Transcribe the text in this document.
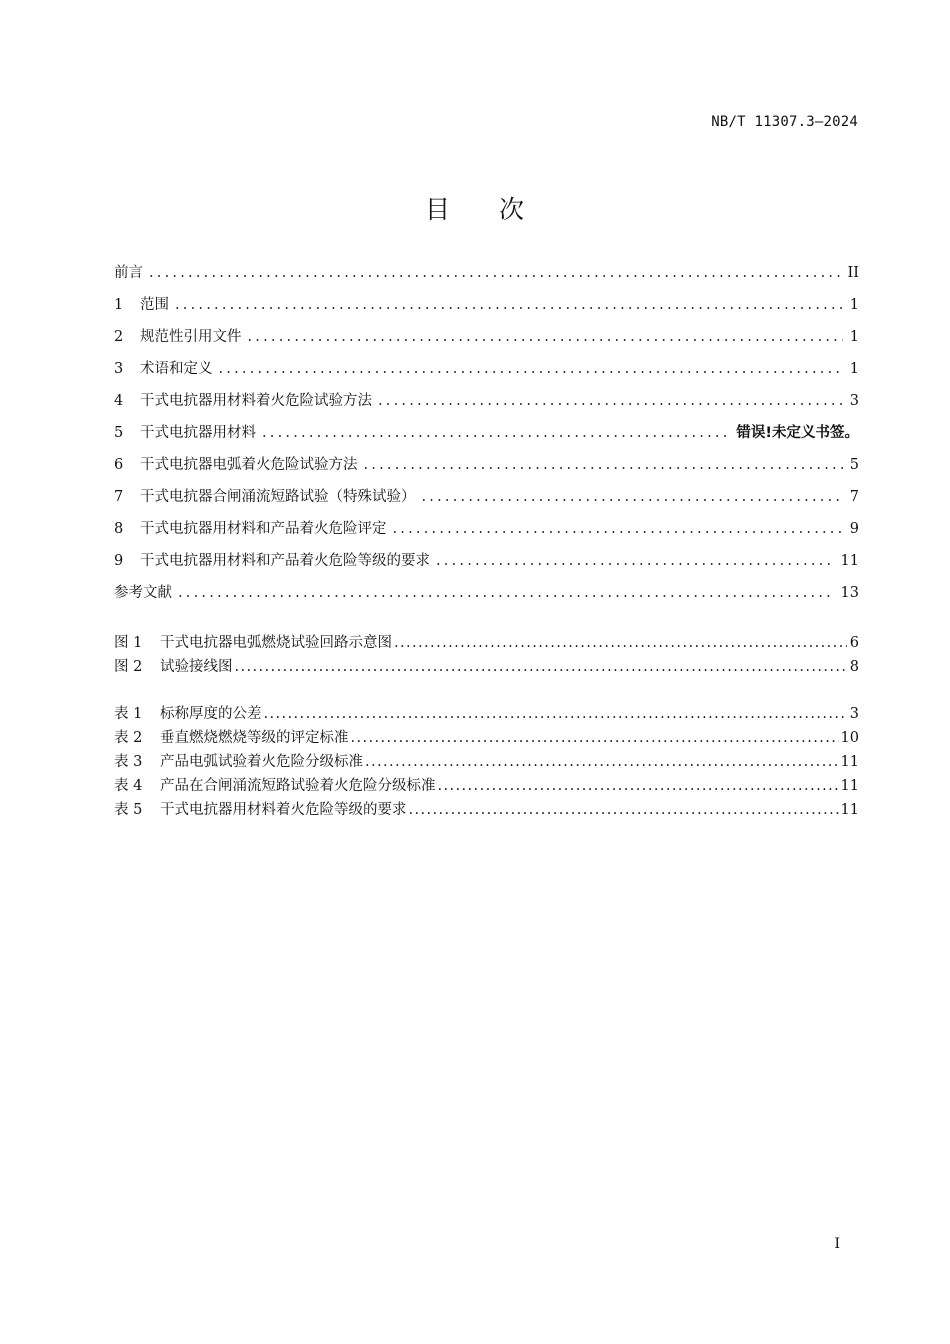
NB/T 11307.3—2024
目 次
前言 .....	II
1	范围 .....	1
2	规范性引用文件 .....	1
3	术语和定义 .....	1
4	干式电抗器用材料着火危险试验方法 .....	3
5	干式电抗器用材料 .....	错误!未定义书签。
6	干式电抗器电弧着火危险试验方法 .....	5
7	干式电抗器合闸涌流短路试验（特殊试验） .....	7
8	干式电抗器用材料和产品着火危险评定 .....	9
9	干式电抗器用材料和产品着火危险等级的要求 .....	11
参考文献 .....	13
图 1	干式电抗器电弧燃烧试验回路示意图 .....	6
图 2	试验接线图 .....	8
表 1	标称厚度的公差 .....	3
表 2	垂直燃烧燃烧等级的评定标准 .....	10
表 3	产品电弧试验着火危险分级标准 .....	11
表 4	产品在合闸涌流短路试验着火危险分级标准 .....	11
表 5	干式电抗器用材料着火危险等级的要求 .....	11
I
